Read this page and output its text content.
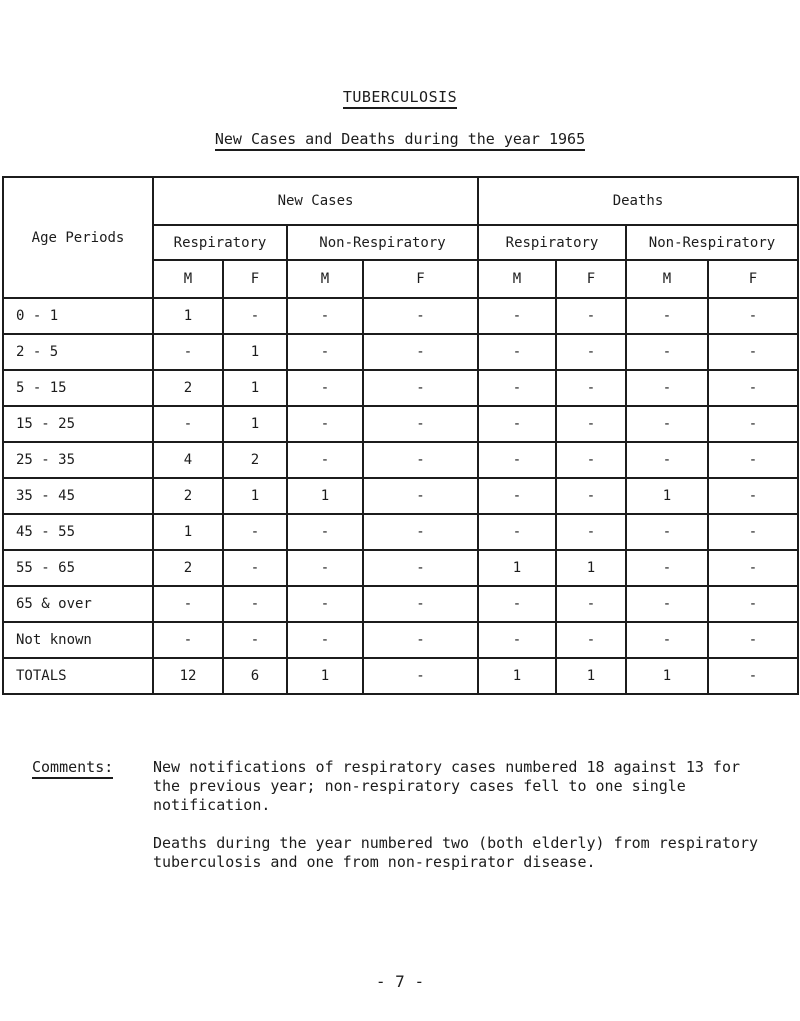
TUBERCULOSIS
New Cases and Deaths during the year 1965
Age Periods	New Cases				Deaths			
	Respiratory		Non-Respiratory		Respiratory		Non-Respiratory	
	M	F	M	F	M	F	M	F
0 - 1	1	-	-	-	-	-	-	-
2 - 5	-	1	-	-	-	-	-	-
5 - 15	2	1	-	-	-	-	-	-
15 - 25	-	1	-	-	-	-	-	-
25 - 35	4	2	-	-	-	-	-	-
35 - 45	2	1	1	-	-	-	1	-
45 - 55	1	-	-	-	-	-	-	-
55 - 65	2	-	-	-	1	1	-	-
65 & over	-	-	-	-	-	-	-	-
Not known	-	-	-	-	-	-	-	-
TOTALS	12	6	1	-	1	1	1	-
Comments:	New notifications of respiratory cases numbered 18 against 13 for the previous year; non-respiratory cases fell to one single notification.

Deaths during the year numbered two (both elderly) from respiratory tuberculosis and one from non-respirator disease.

- 7 -
